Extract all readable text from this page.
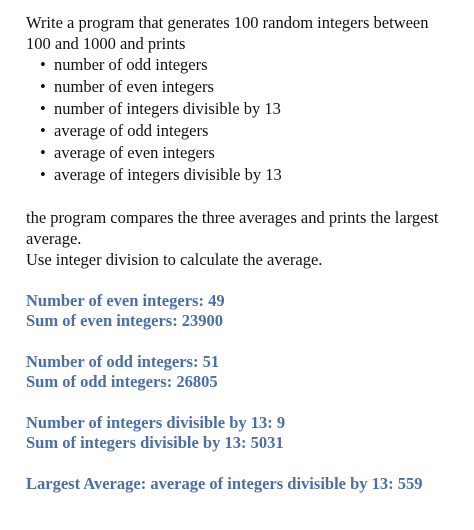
Write a program that generates 100 random integers between

100 and 1000 and prints

• number of odd integers
• number of even integers
• number of integers divisible by 13
• average of odd integers
• average of even integers
• average of integers divisible by 13

the program compares the three averages and prints the largest

average.

Use integer division to calculate the average.

Number of even integers: 49

Sum of even integers: 23900

Number of odd integers: 51

Sum of odd integers: 26805

Number of integers divisible by 13: 9

Sum of integers divisible by 13: 5031

Largest Average: average of integers divisible by 13: 559
